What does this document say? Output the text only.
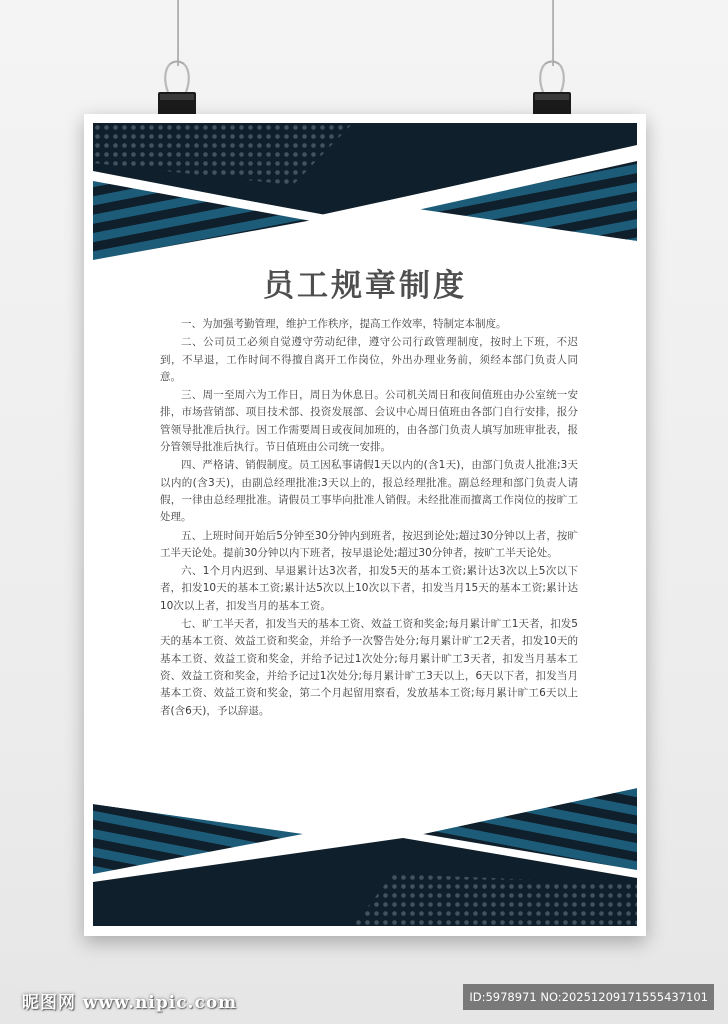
员工规章制度

一、为加强考勤管理，维护工作秩序，提高工作效率，特制定本制度。

二、公司员工必须自觉遵守劳动纪律，遵守公司行政管理制度，按时上下班，不迟到，不早退，工作时间不得擅自离开工作岗位，外出办理业务前，须经本部门负责人同意。

三、周一至周六为工作日，周日为休息日。公司机关周日和夜间值班由办公室统一安排，市场营销部、项目技术部、投资发展部、会议中心周日值班由各部门自行安排，报分管领导批准后执行。因工作需要周日或夜间加班的，由各部门负责人填写加班审批表，报分管领导批准后执行。节日值班由公司统一安排。

四、严格请、销假制度。员工因私事请假1天以内的(含1天)，由部门负责人批准;3天以内的(含3天)，由副总经理批准;3天以上的，报总经理批准。副总经理和部门负责人请假，一律由总经理批准。请假员工事毕向批准人销假。未经批准而擅离工作岗位的按旷工处理。

五、上班时间开始后5分钟至30分钟内到班者，按迟到论处;超过30分钟以上者，按旷工半天论处。提前30分钟以内下班者，按早退论处;超过30分钟者，按旷工半天论处。

六、1个月内迟到、早退累计达3次者，扣发5天的基本工资;累计达3次以上5次以下者，扣发10天的基本工资;累计达5次以上10次以下者，扣发当月15天的基本工资;累计达10次以上者，扣发当月的基本工资。

七、旷工半天者，扣发当天的基本工资、效益工资和奖金;每月累计旷工1天者，扣发5天的基本工资、效益工资和奖金，并给予一次警告处分;每月累计旷工2天者，扣发10天的基本工资、效益工资和奖金，并给予记过1次处分;每月累计旷工3天者，扣发当月基本工资、效益工资和奖金，并给予记过1次处分;每月累计旷工3天以上，6天以下者，扣发当月基本工资、效益工资和奖金，第二个月起留用察看，发放基本工资;每月累计旷工6天以上者(含6天)，予以辞退。

昵图网 www.nipic.com	ID:5978971 NO:20251209171555437101
